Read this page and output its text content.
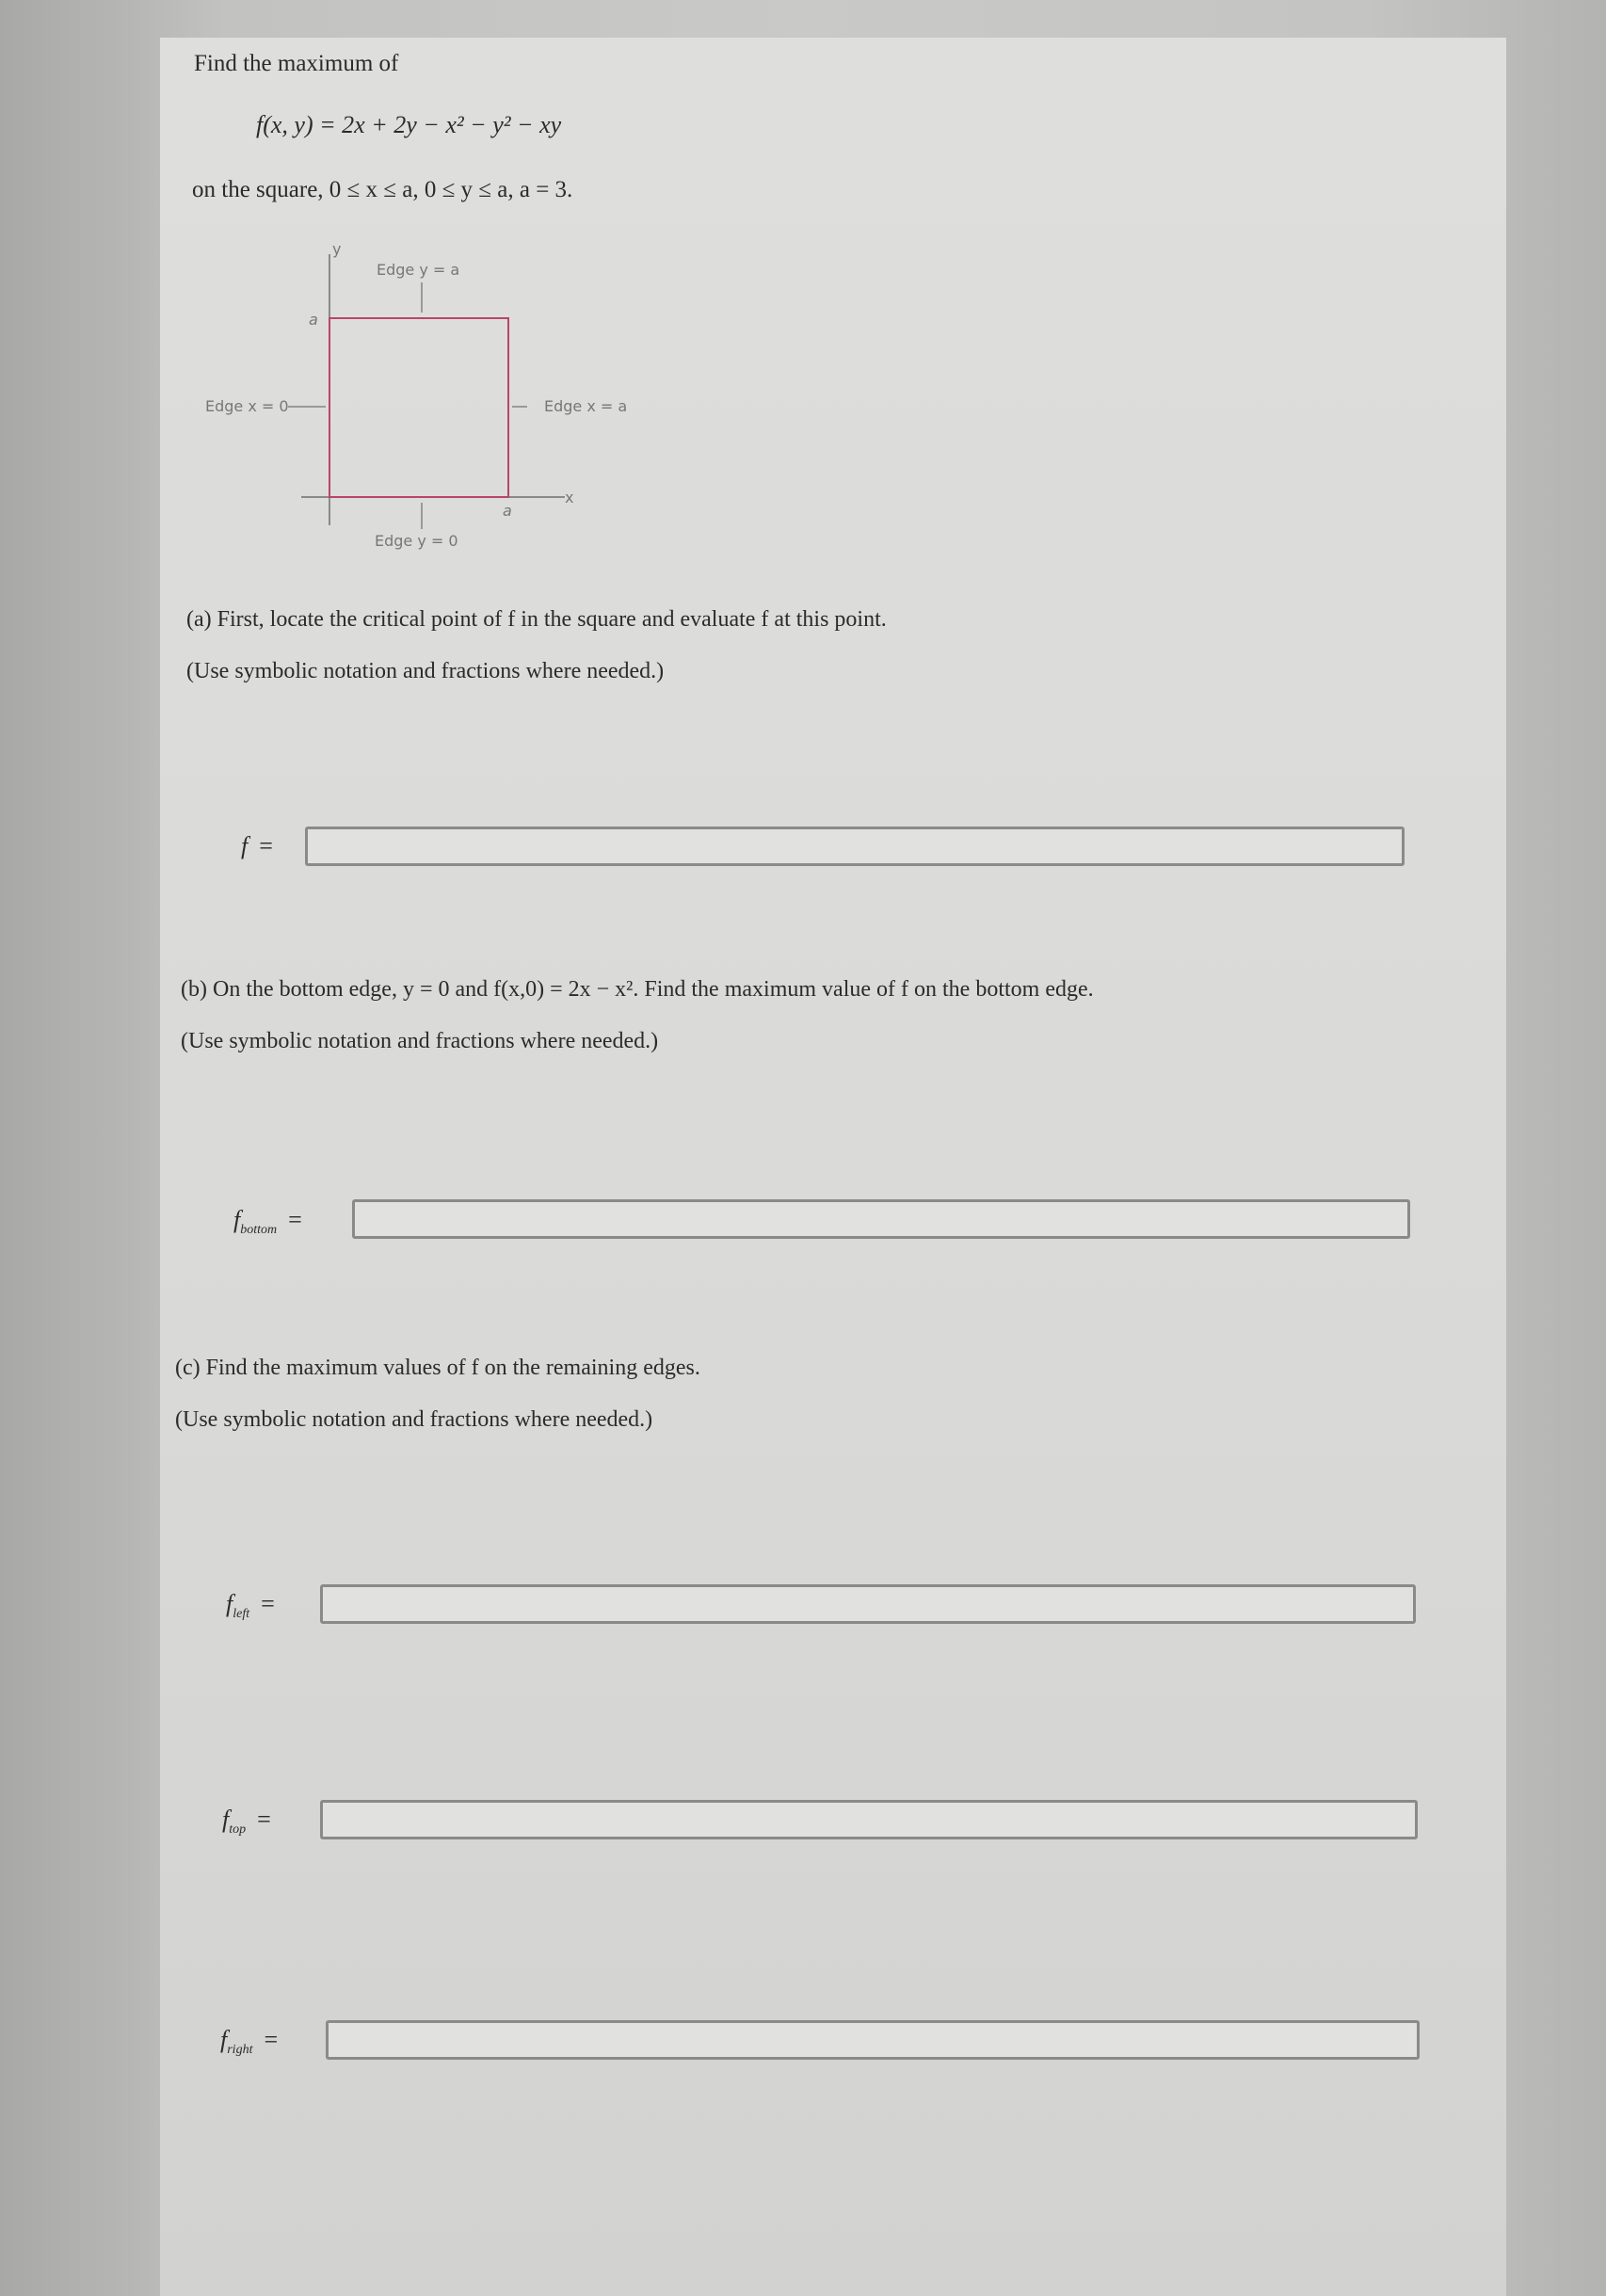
Find the maximum of
f(x, y) = 2x + 2y − x² − y² − xy
on the square, 0 ≤ x ≤ a, 0 ≤ y ≤ a, a = 3.
y
x
Edge y = a
Edge x = 0	Edge x = a
Edge y = 0
a
a
(a) First, locate the critical point of f in the square and evaluate f at this point.
(Use symbolic notation and fractions where needed.)
f =
(b) On the bottom edge, y = 0 and f(x,0) = 2x − x². Find the maximum value of f on the bottom edge.
(Use symbolic notation and fractions where needed.)
$f_{bottom}$ =
(c) Find the maximum values of f on the remaining edges.
(Use symbolic notation and fractions where needed.)
$f_{left}$ =
$f_{top}$ =
$f_{right}$ =
